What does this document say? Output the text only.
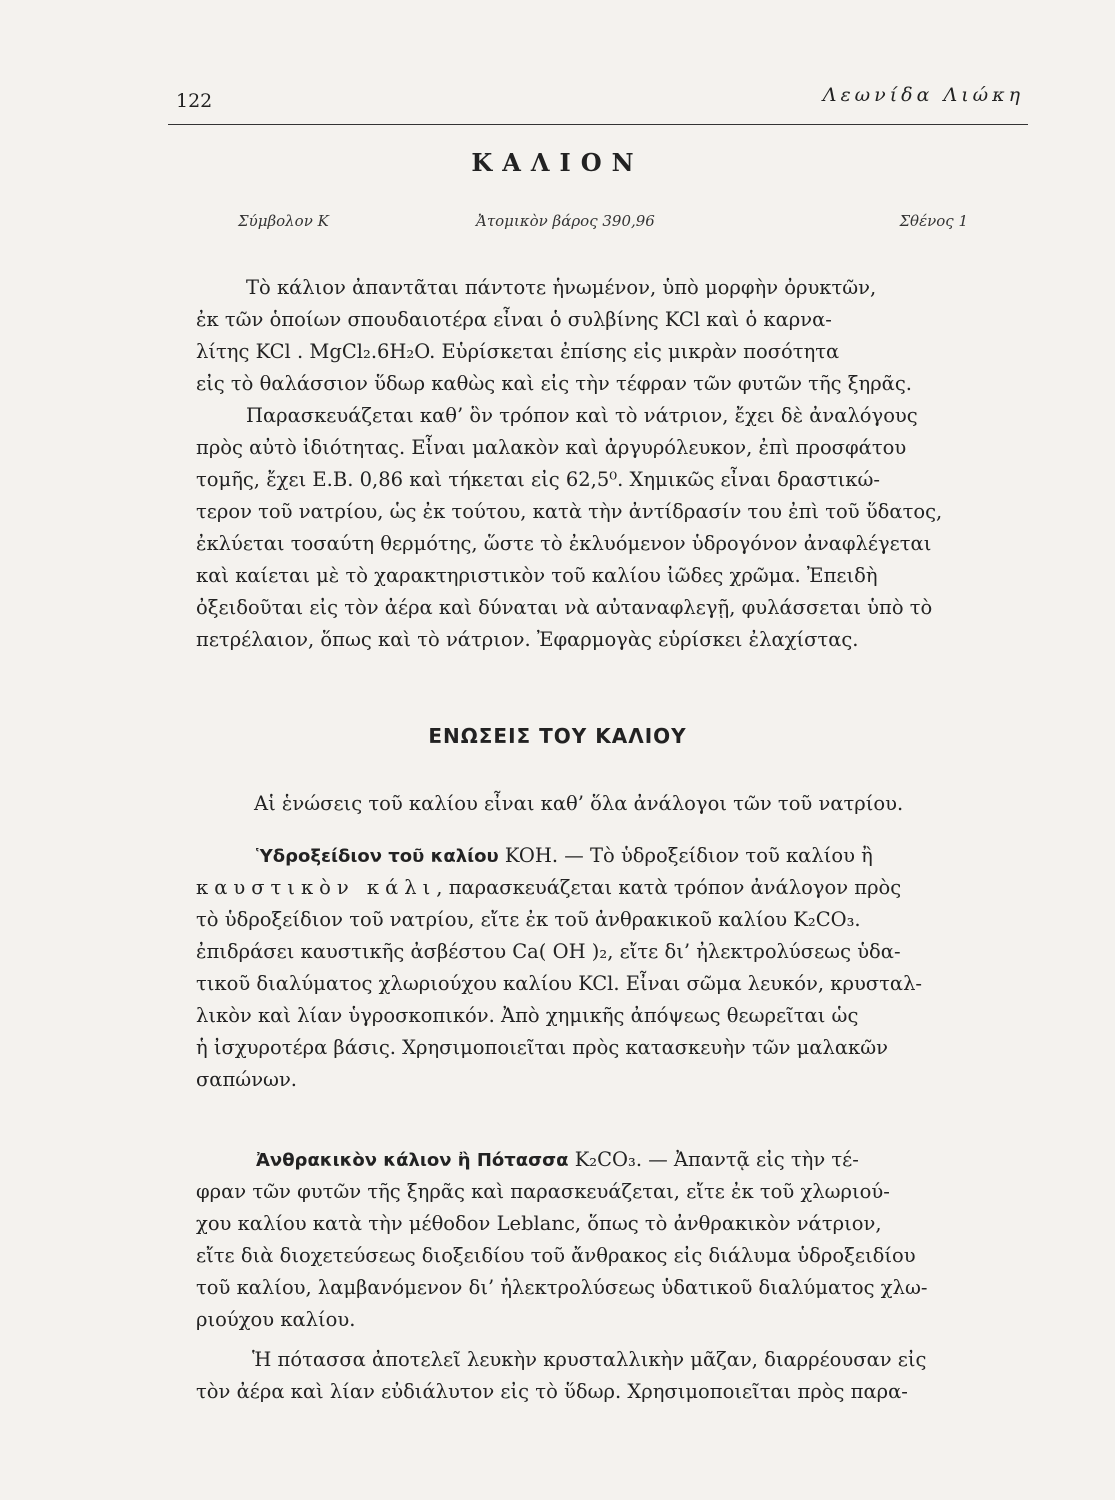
122	Λεωνίδα Λιώκη
ΚΑΛΙΟΝ
Σύμβολον Κ	Ἀτομικὸν βάρος 390,96	Σθένος 1
Τὸ κάλιον ἀπαντᾶται πάντοτε ἡνωμένον, ὑπὸ μορφὴν ὀρυκτῶν,
ἐκ τῶν ὁποίων σπουδαιοτέρα εἶναι ὁ συλβίνης KCl καὶ ὁ καρνα-
λίτης KCl . MgCl₂.6H₂O. Εὑρίσκεται ἐπίσης εἰς μικρὰν ποσότητα
εἰς τὸ θαλάσσιον ὕδωρ καθὼς καὶ εἰς τὴν τέφραν τῶν φυτῶν τῆς ξηρᾶς.
Παρασκευάζεται καθ’ ὃν τρόπον καὶ τὸ νάτριον, ἔχει δὲ ἀναλόγους
πρὸς αὐτὸ ἰδιότητας. Εἶναι μαλακὸν καὶ ἀργυρόλευκον, ἐπὶ προσφάτου
τομῆς, ἔχει Ε.Β. 0,86 καὶ τήκεται εἰς 62,5⁰. Χημικῶς εἶναι δραστικώ-
τερον τοῦ νατρίου, ὡς ἐκ τούτου, κατὰ τὴν ἀντίδρασίν του ἐπὶ τοῦ ὕδατος,
ἐκλύεται τοσαύτη θερμότης, ὥστε τὸ ἐκλυόμενον ὑδρογόνον ἀναφλέγεται
καὶ καίεται μὲ τὸ χαρακτηριστικὸν τοῦ καλίου ἰῶδες χρῶμα. Ἐπειδὴ
ὀξειδοῦται εἰς τὸν ἀέρα καὶ δύναται νὰ αὐταναφλεγῇ, φυλάσσεται ὑπὸ τὸ
πετρέλαιον, ὅπως καὶ τὸ νάτριον. Ἐφαρμογὰς εὑρίσκει ἐλαχίστας.
ΕΝΩΣΕΙΣ ΤΟΥ ΚΑΛΙΟΥ
Αἱ ἑνώσεις τοῦ καλίου εἶναι καθ’ ὅλα ἀνάλογοι τῶν τοῦ νατρίου.
Ὑδροξείδιον τοῦ καλίου KOH. — Τὸ ὑδροξείδιον τοῦ καλίου ἢ
καυστικὸν κάλι, παρασκευάζεται κατὰ τρόπον ἀνάλογον πρὸς
τὸ ὑδροξείδιον τοῦ νατρίου, εἴτε ἐκ τοῦ ἀνθρακικοῦ καλίου K₂CO₃.
ἐπιδράσει καυστικῆς ἀσβέστου Ca( OH )₂, εἴτε δι’ ἠλεκτρολύσεως ὑδα-
τικοῦ διαλύματος χλωριούχου καλίου KCl. Εἶναι σῶμα λευκόν, κρυσταλ-
λικὸν καὶ λίαν ὑγροσκοπικόν. Ἀπὸ χημικῆς ἀπόψεως θεωρεῖται ὡς
ἡ ἰσχυροτέρα βάσις. Χρησιμοποιεῖται πρὸς κατασκευὴν τῶν μαλακῶν
σαπώνων.
Ἀνθρακικὸν κάλιον ἢ Πότασσα K₂CO₃. — Ἀπαντᾷ εἰς τὴν τέ-
φραν τῶν φυτῶν τῆς ξηρᾶς καὶ παρασκευάζεται, εἴτε ἐκ τοῦ χλωριού-
χου καλίου κατὰ τὴν μέθοδον Leblanc, ὅπως τὸ ἀνθρακικὸν νάτριον,
εἴτε διὰ διοχετεύσεως διοξειδίου τοῦ ἄνθρακος εἰς διάλυμα ὑδροξειδίου
τοῦ καλίου, λαμβανόμενον δι’ ἠλεκτρολύσεως ὑδατικοῦ διαλύματος χλω-
ριούχου καλίου.
Ἡ πότασσα ἀποτελεῖ λευκὴν κρυσταλλικὴν μᾶζαν, διαρρέουσαν εἰς
τὸν ἀέρα καὶ λίαν εὐδιάλυτον εἰς τὸ ὕδωρ. Χρησιμοποιεῖται πρὸς παρα-
